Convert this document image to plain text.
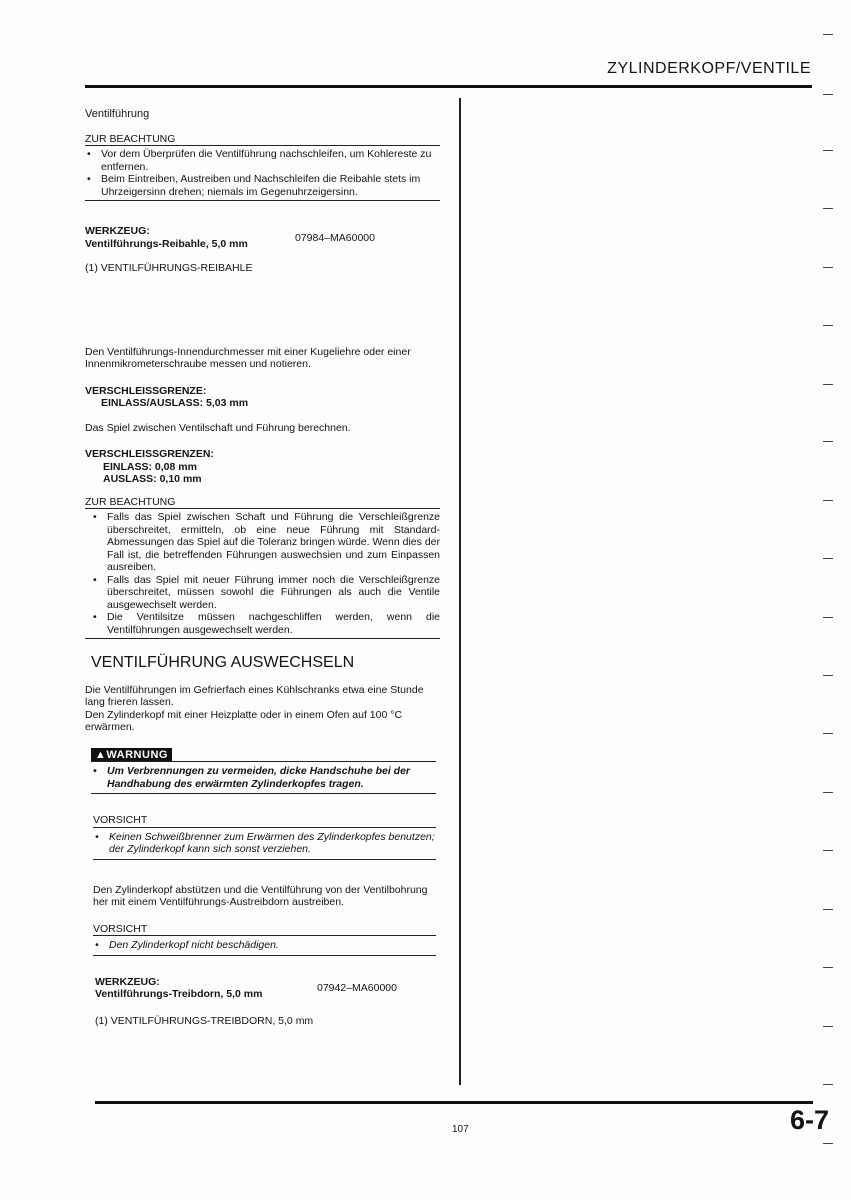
ZYLINDERKOPF/VENTILE
Ventilführung
ZUR BEACHTUNG
• Vor dem Überprüfen die Ventilführung nachschleifen, um Kohlereste zu entfernen.
• Beim Eintreiben, Austreiben und Nachschleifen die Reibahle stets im Uhrzeigersinn drehen; niemals im Gegenuhrzeigersinn.
WERKZEUG:
Ventilführungs-Reibahle, 5,0 mm	07984–MA60000
(1) VENTILFÜHRUNGS-REIBAHLE
Den Ventilführungs-Innendurchmesser mit einer Kugeliehre oder einer Innenmikrometerschraube messen und notieren.
VERSCHLEISSGRENZE:
EINLASS/AUSLASS: 5,03 mm
Das Spiel zwischen Ventilschaft und Führung berechnen.
VERSCHLEISSGRENZEN:
EINLASS: 0,08 mm
AUSLASS: 0,10 mm
ZUR BEACHTUNG
• Falls das Spiel zwischen Schaft und Führung die Verschleißgrenze überschreitet, ermitteln, ob eine neue Führung mit Standard-Abmessungen das Spiel auf die Toleranz bringen würde. Wenn dies der Fall ist, die betreffenden Führungen auswechsien und zum Einpassen ausreiben.
• Falls das Spiel mit neuer Führung immer noch die Verschleißgrenze überschreitet, müssen sowohl die Führungen als auch die Ventile ausgewechselt werden.
• Die Ventilsitze müssen nachgeschliffen werden, wenn die Ventilführungen ausgewechselt werden.
VENTILFÜHRUNG AUSWECHSELN
Die Ventilführungen im Gefrierfach eines Kühlschranks etwa eine Stunde lang frieren lassen.
Den Zylinderkopf mit einer Heizplatte oder in einem Ofen auf 100 °C erwärmen.
▲WARNUNG
• Um Verbrennungen zu vermeiden, dicke Handschuhe bei der Handhabung des erwärmten Zylinderkopfes tragen.
VORSICHT
• Keinen Schweißbrenner zum Erwärmen des Zylinderkopfes benutzen; der Zylinderkopf kann sich sonst verziehen.
Den Zylinderkopf abstützen und die Ventilführung von der Ventilbohrung her mit einem Ventilführungs-Austreibdorn austreiben.
VORSICHT
• Den Zylinderkopf nicht beschädigen.
WERKZEUG:
Ventilführungs-Treibdorn, 5,0 mm	07942–MA60000
(1) VENTILFÜHRUNGS-TREIBDORN, 5,0 mm
107	6-7
